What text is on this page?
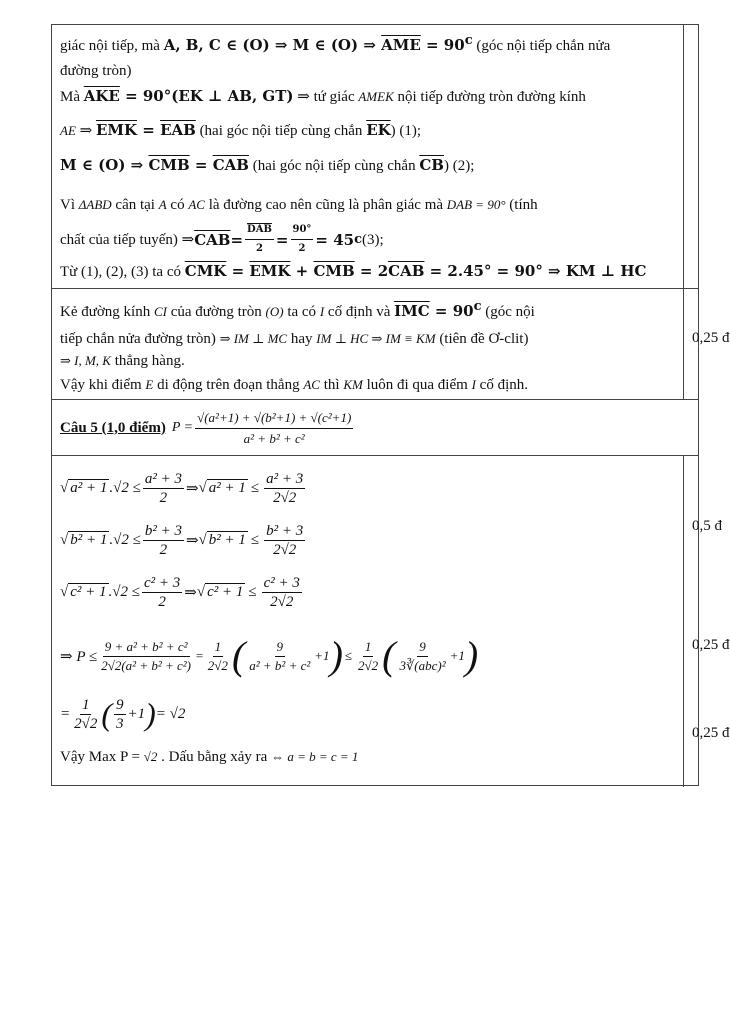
giác nội tiếp, mà A, B, C ∈ (O) ⇒ M ∈ (O) ⇒ $\overline{AME} = 90^c$ (góc nội tiếp chắn nửa
đường tròn)
Mà $\overline{AKE} = 90^\circ(EK$ ⊥ AB, GT) ⇒ tứ giác AMEK nội tiếp đường tròn đường kính
AE ⇒ $\overline{EMK} = \overline{EAB}$ (hai góc nội tiếp cùng chắn $\overline{EK}$) (1);
M ∈ (O) ⇒ $\overline{CMB} = \overline{CAB}$ (hai góc nội tiếp cùng chắn $\overline{CB}$) (2);
Vì ΔABD cân tại A có AC là đường cao nên cũng là phân giác mà DAB = 90° (tính
chất của tiếp tuyến) ⇒ $\overline{CAB} = \frac{\overline{DAB}}{2} = \frac{90^\circ}{2} = 45$ c (3);
Từ (1), (2), (3) ta có $\overline{CMK} = \overline{EMK} + \overline{CMB} = 2\overline{CAB} = 2.45^\circ = 90^\circ$ ⇒ KM ⊥ HC
Kẻ đường kính CI của đường tròn (O) ta có I cố định và $\overline{IMC} = 90^c$ (góc nội
tiếp chắn nửa đường tròn) ⇒ IM ⊥ MC hay IM ⊥ HC ⇒ IM ≡ KM (tiên đề Ơ-clit)
⇒ I, M, K thẳng hàng.
Vậy khi điểm E di động trên đoạn thẳng AC thì KM luôn đi qua điểm I cố định.
0,25 đ
Câu 5 (1,0 điểm) $P = \frac{\text{√(a²+1) + √(b²+1) + √(c²+1)}}{\text{a² + b² + c²}}$
√ a² + 1 $.√2 \le \frac{\text{a² + 3}}{2}$ ⇒ √ $a^2 + 1 \le \frac{\text{a² + 3}}{2√2}$
√ b² + 1 $.√2 \le \frac{\text{b² + 3}}{2}$ ⇒ √ $b^2 + 1 \le \frac{\text{b² + 3}}{2√2}$
√ c² + 1 $.√2 \le \frac{\text{c² + 3}}{2}$ ⇒ √ $c^2 + 1 \le \frac{\text{c² + 3}}{2√2}$
⇒ $P \le \frac{\text{9 + a² + b² + c²}}{\text{2√2(a² + b² + c²)}} = \frac{1}{2√2}$ ( $\frac{9}{\text{a² + b² + c²}} +1$ ) ≤ $\frac{1}{2√2}$ ( $\frac{9}{\text{3∛(abc)²}} +1$ )
= $\frac{1}{2√2}$ ( $\frac{9}{3} +1$ ) = √2
Vậy Max P = √2 . Dấu bằng xảy ra ⇔ a = b = c = 1
0,5 đ
0,25 đ
0,25 đ
